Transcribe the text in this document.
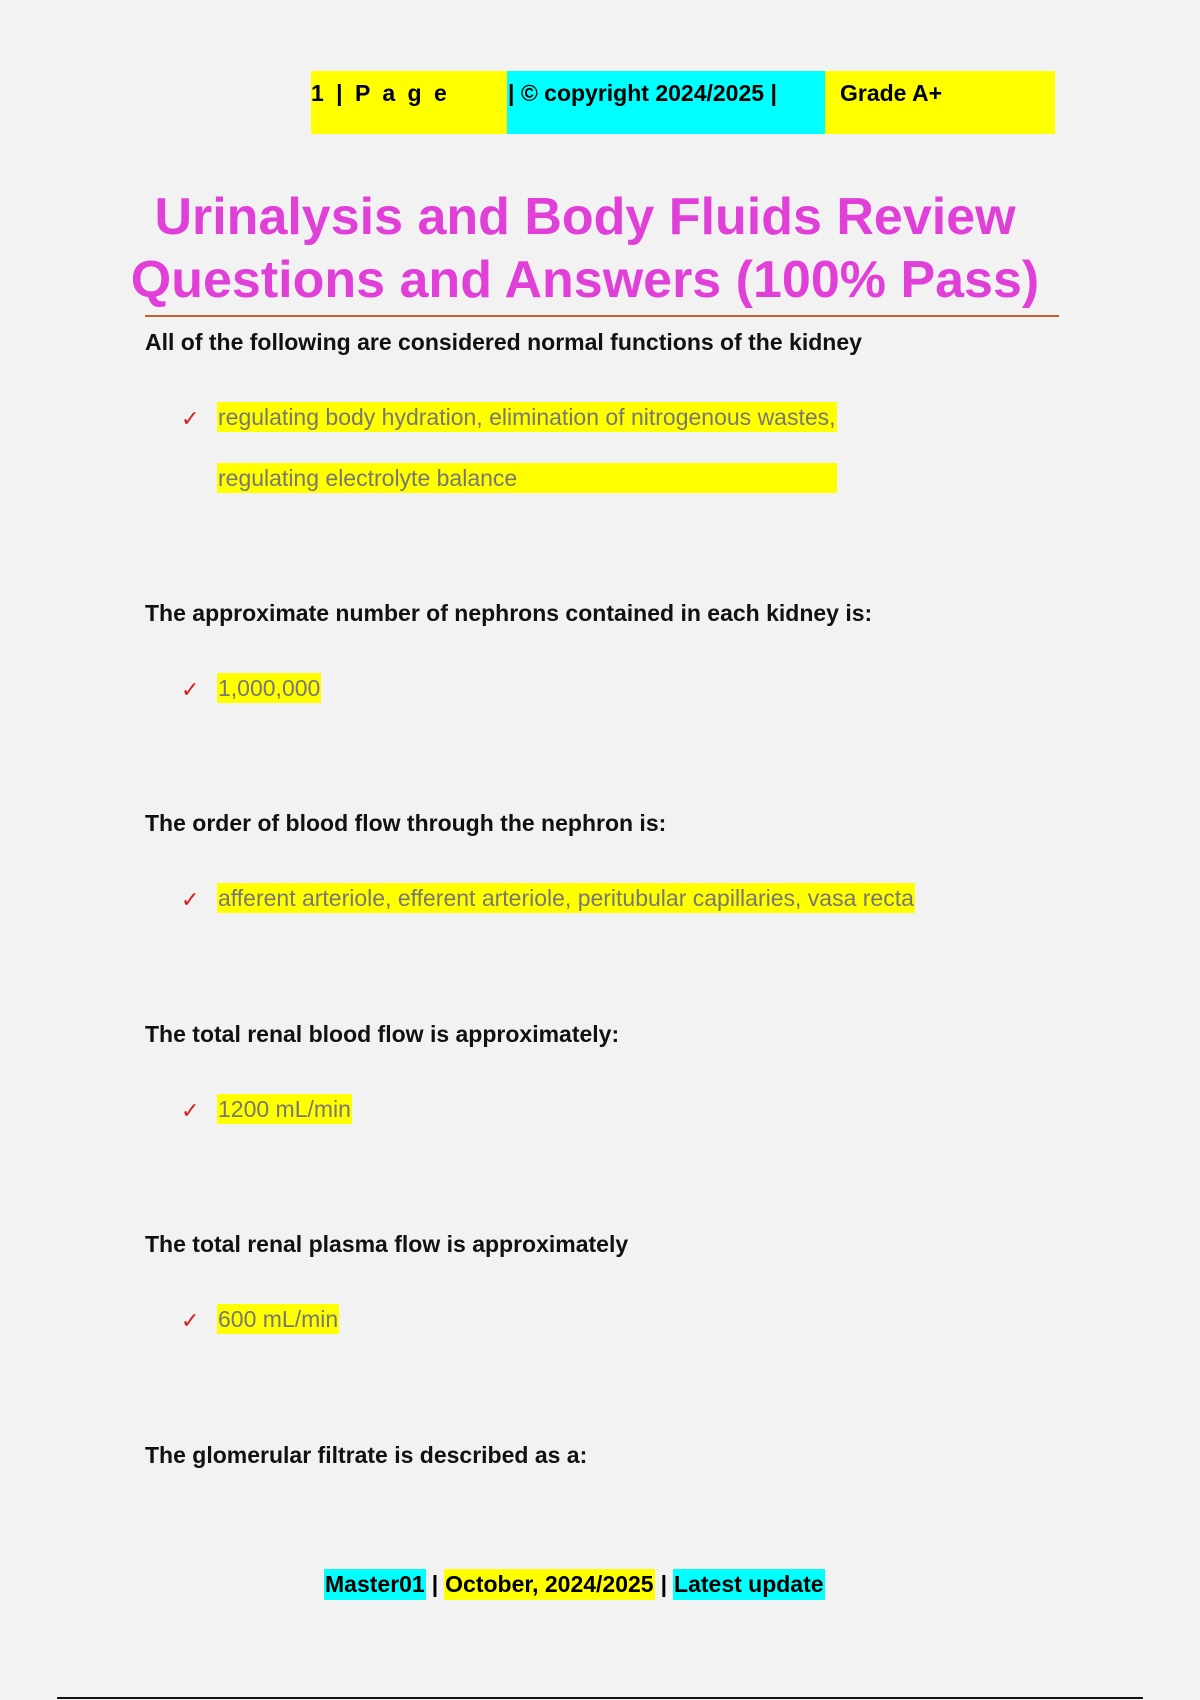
1 | P a g e	| © copyright 2024/2025 |	Grade A+
Urinalysis and Body Fluids Review
Questions and Answers (100% Pass)
All of the following are considered normal functions of the kidney
✓ regulating body hydration, elimination of nitrogenous wastes,
regulating electrolyte balance
The approximate number of nephrons contained in each kidney is:
✓ 1,000,000
The order of blood flow through the nephron is:
✓ afferent arteriole, efferent arteriole, peritubular capillaries, vasa recta
The total renal blood flow is approximately:
✓ 1200 mL/min
The total renal plasma flow is approximately
✓ 600 mL/min
The glomerular filtrate is described as a:
Master01 | October, 2024/2025 | Latest update
